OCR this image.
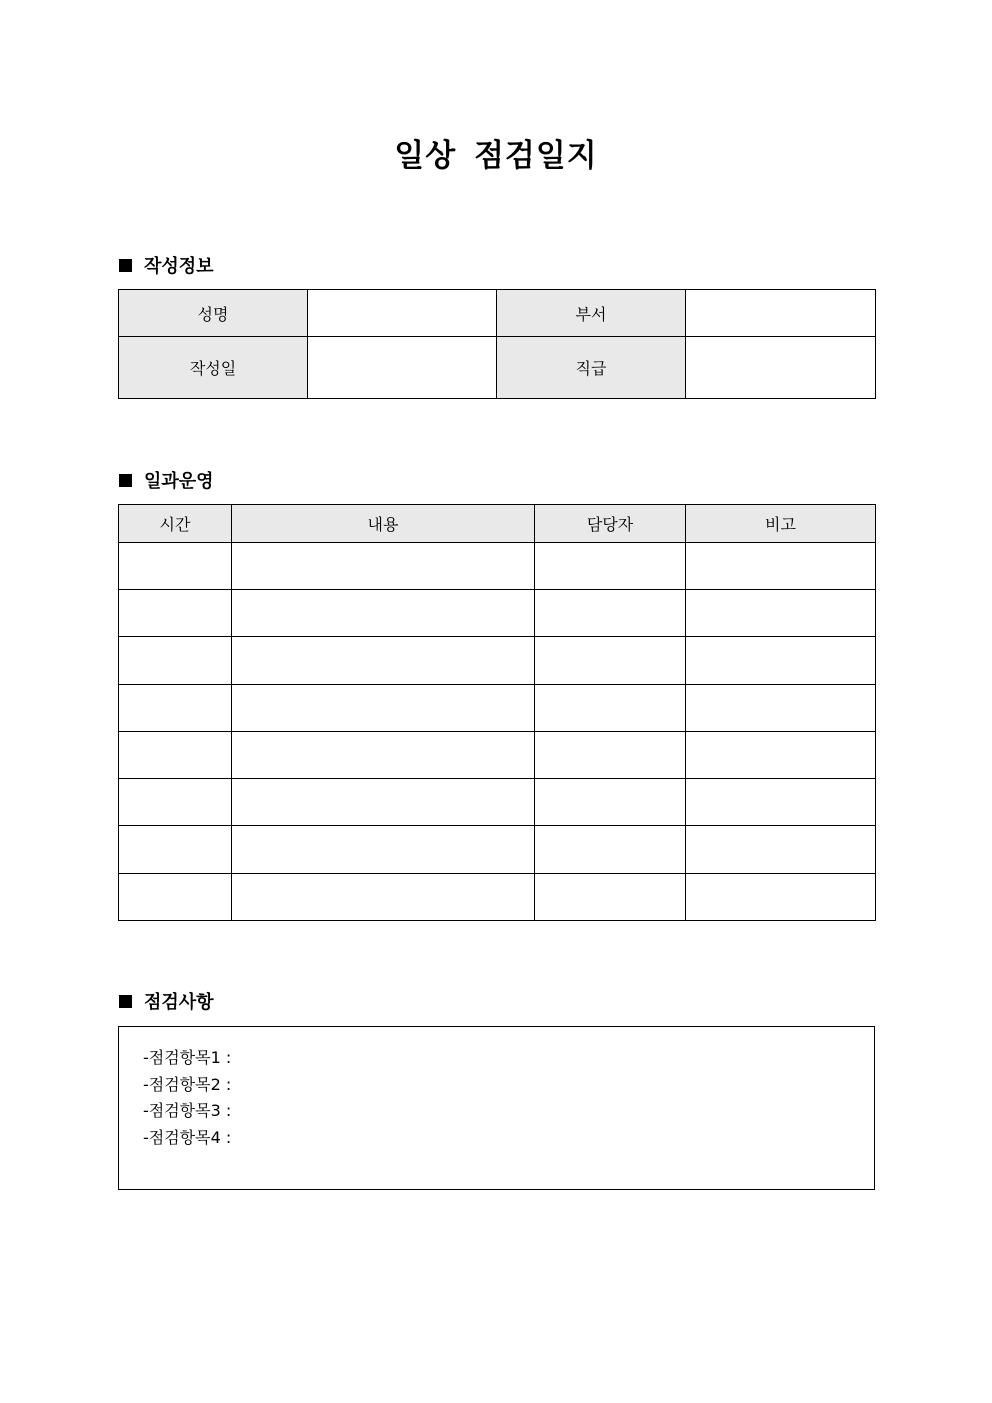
일상 점검일지
작성정보
성명		부서	
작성일		직급	
일과운영
시간	내용	담당자	비고

점검사항
-점검항목1 :
-점검항목2 :
-점검항목3 :
-점검항목4 :
